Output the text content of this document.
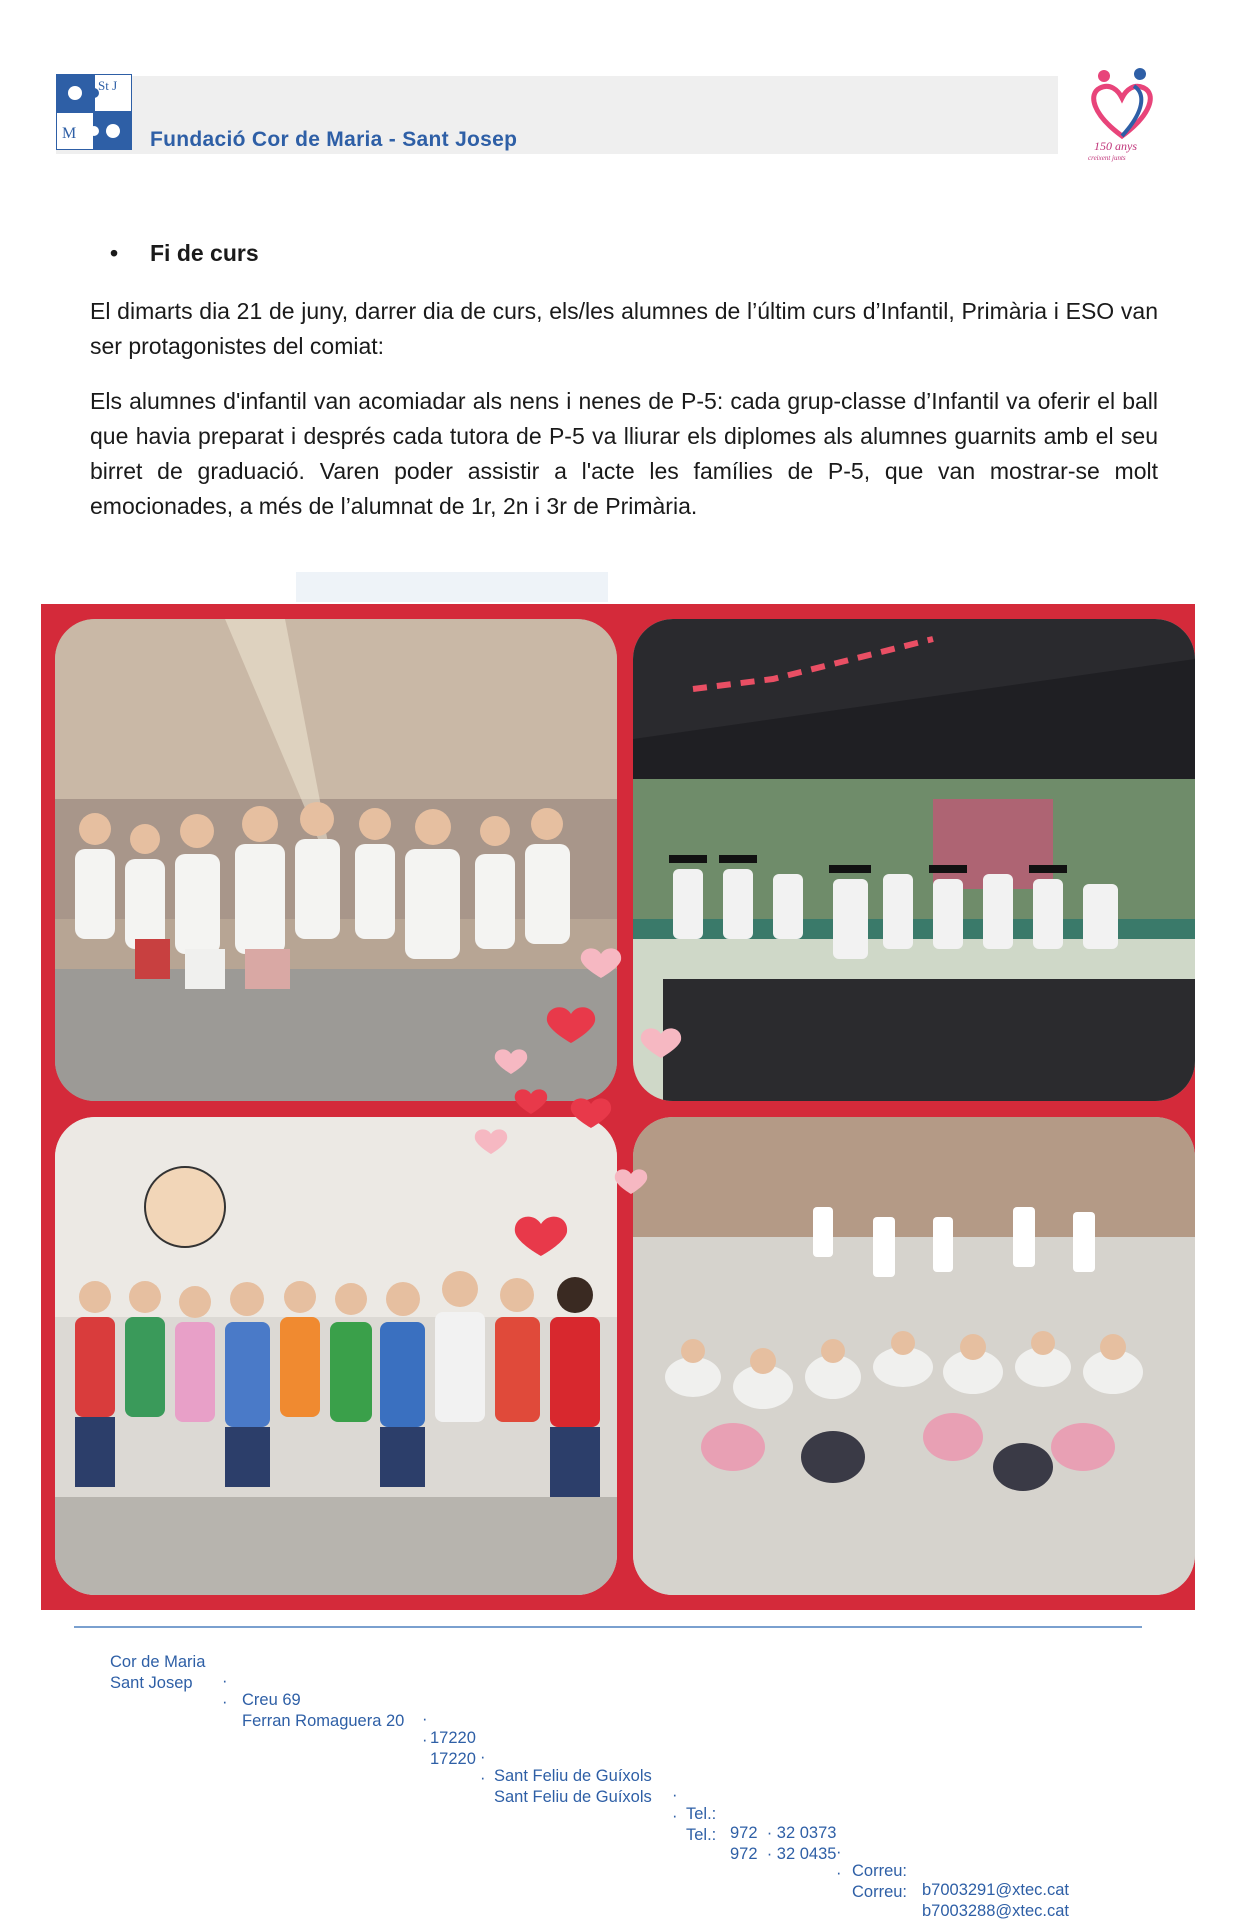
St J
M	Fundació Cor de Maria - Sant Josep	150 anys
creixent junts
• Fi de curs

El dimarts dia 21 de juny, darrer dia de curs, els/les alumnes de l’últim curs d’Infantil, Primària i ESO van ser protagonistes del comiat:

Els alumnes d'infantil van acomiadar als nens i nenes de P-5: cada grup-classe d’Infantil va oferir el ball que havia preparat i després cada tutora de P-5 va lliurar els diplomes als alumnes guarnits amb el seu birret de graduació. Varen poder assistir a l'acte les famílies de P-5, que van mostrar-se molt emocionades, a més de l’alumnat de 1r, 2n i 3r de Primària.

Cor de Maria

·

Creu 69

·

17220

·

Sant Feliu de Guíxols

·

Tel.:

972  · 32 0373

·

Correu:

b7003291@xtec.cat

Sant Josep

·

Ferran Romaguera 20

·

17220

·

Sant Feliu de Guíxols

·

Tel.:

972  · 32 0435

·

Correu:

b7003288@xtec.cat
